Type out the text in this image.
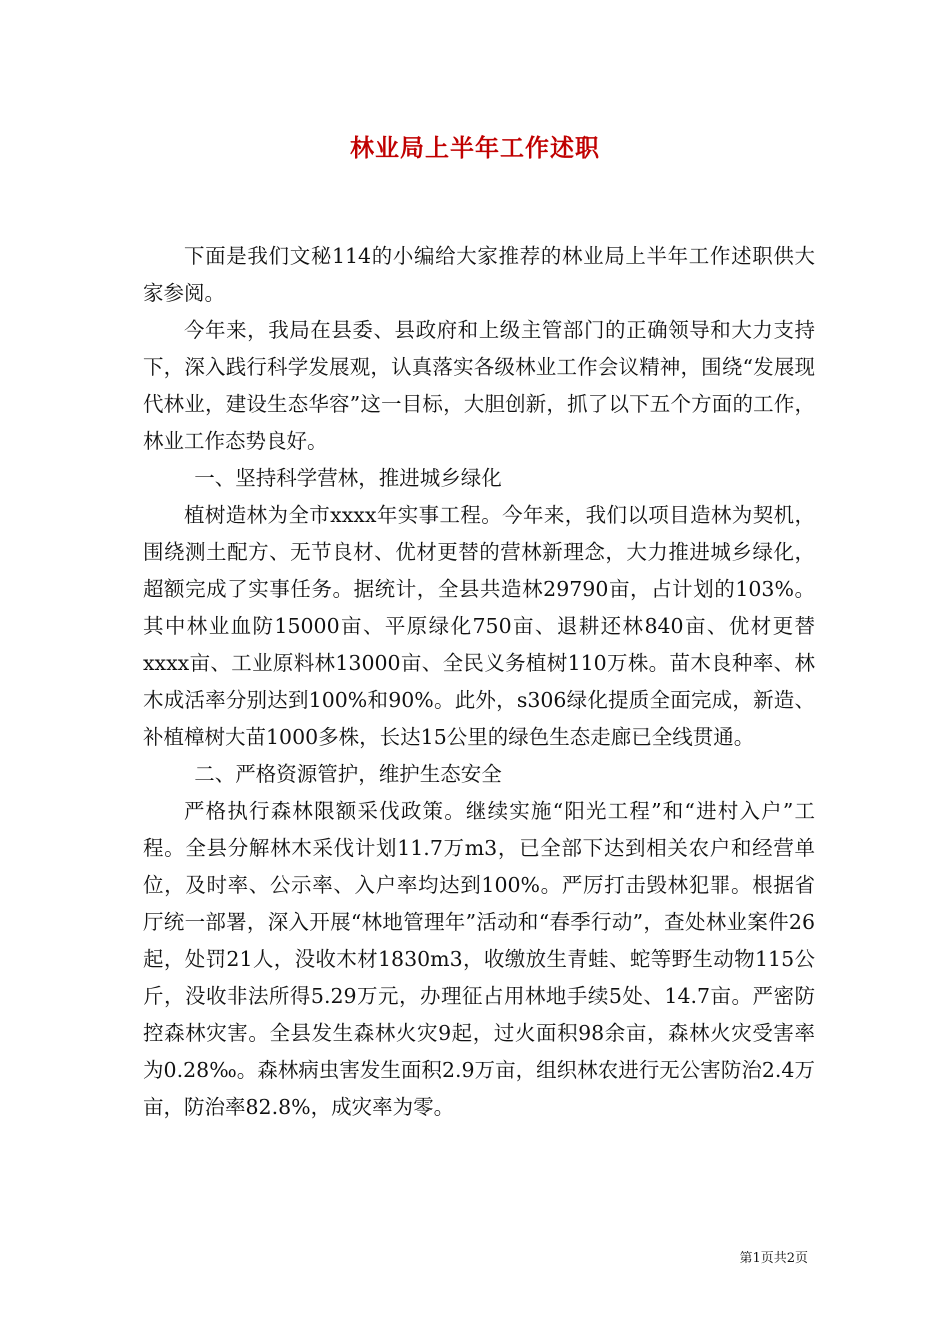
林业局上半年工作述职

下面是我们文秘114的小编给大家推荐的林业局上半年工作述职供大家参阅。

今年来，我局在县委、县政府和上级主管部门的正确领导和大力支持下，深入践行科学发展观，认真落实各级林业工作会议精神，围绕“发展现代林业，建设生态华容”这一目标，大胆创新，抓了以下五个方面的工作，林业工作态势良好。

一、坚持科学营林，推进城乡绿化

植树造林为全市xxxx年实事工程。今年来，我们以项目造林为契机，围绕测土配方、无节良材、优材更替的营林新理念，大力推进城乡绿化，超额完成了实事任务。据统计，全县共造林29790亩，占计划的103%。其中林业血防15000亩、平原绿化750亩、退耕还林840亩、优材更替xxxx亩、工业原料林13000亩、全民义务植树110万株。苗木良种率、林木成活率分别达到100%和90%。此外，s306绿化提质全面完成，新造、补植樟树大苗1000多株，长达15公里的绿色生态走廊已全线贯通。

二、严格资源管护，维护生态安全

严格执行森林限额采伐政策。继续实施“阳光工程”和“进村入户”工程。全县分解林木采伐计划11.7万m3，已全部下达到相关农户和经营单位，及时率、公示率、入户率均达到100%。严厉打击毁林犯罪。根据省厅统一部署，深入开展“林地管理年”活动和“春季行动”，查处林业案件26起，处罚21人，没收木材1830m3，收缴放生青蛙、蛇等野生动物115公斤，没收非法所得5.29万元，办理征占用林地手续5处、14.7亩。严密防控森林灾害。全县发生森林火灾9起，过火面积98余亩，森林火灾受害率为0.28‰。森林病虫害发生面积2.9万亩，组织林农进行无公害防治2.4万亩，防治率82.8%，成灾率为零。

第1页共2页
